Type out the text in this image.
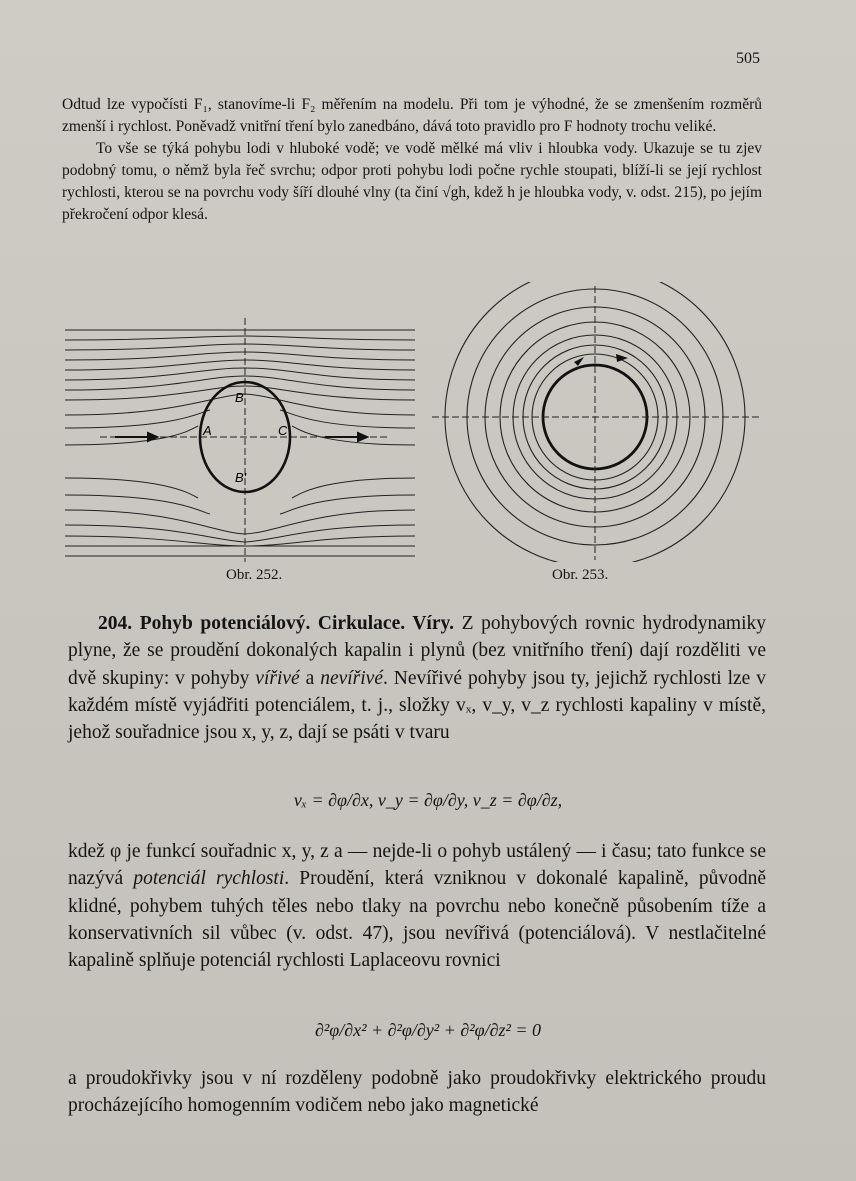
505

Odtud lze vypočísti F₁, stanovíme-li F₂ měřením na modelu. Při tom je výhodné, že se zmenšením rozměrů zmenší i rychlost. Poněvadž vnitřní tření bylo zanedbáno, dává toto pravidlo pro F hodnoty trochu veliké.

To vše se týká pohybu lodi v hluboké vodě; ve vodě mělké má vliv i hloubka vody. Ukazuje se tu zjev podobný tomu, o němž byla řeč svrchu; odpor proti pohybu lodi počne rychle stoupati, blíží-li se její rychlost rychlosti, kterou se na povrchu vody šíří dlouhé vlny (ta činí √gh, kdež h je hloubka vody, v. odst. 215), po jejím překročení odpor klesá.

B
A	C
B'
Obr. 252.	Obr. 253.

204. Pohyb potenciálový. Cirkulace. Víry. Z pohybových rovnic hydrodynamiky plyne, že se proudění dokonalých kapalin i plynů (bez vnitřního tření) dají rozděliti ve dvě skupiny: v pohyby vířivé a nevířivé. Nevířivé pohyby jsou ty, jejichž rychlosti lze v každém místě vyjádřiti potenciálem, t. j., složky vₓ, v_y, v_z rychlosti kapaliny v místě, jehož souřadnice jsou x, y, z, dají se psáti v tvaru

vₓ = ∂φ/∂x, v_y = ∂φ/∂y, v_z = ∂φ/∂z,

kdež φ je funkcí souřadnic x, y, z a — nejde-li o pohyb ustálený — i času; tato funkce se nazývá potenciál rychlosti. Proudění, která vzniknou v dokonalé kapalině, původně klidné, pohybem tuhých těles nebo tlaky na povrchu nebo konečně působením tíže a konservativních sil vůbec (v. odst. 47), jsou nevířivá (potenciálová). V nestlačitelné kapalině splňuje potenciál rychlosti Laplaceovu rovnici

∂²φ/∂x² + ∂²φ/∂y² + ∂²φ/∂z² = 0

a proudokřivky jsou v ní rozděleny podobně jako proudokřivky elektrického proudu procházejícího homogenním vodičem nebo jako magnetické
